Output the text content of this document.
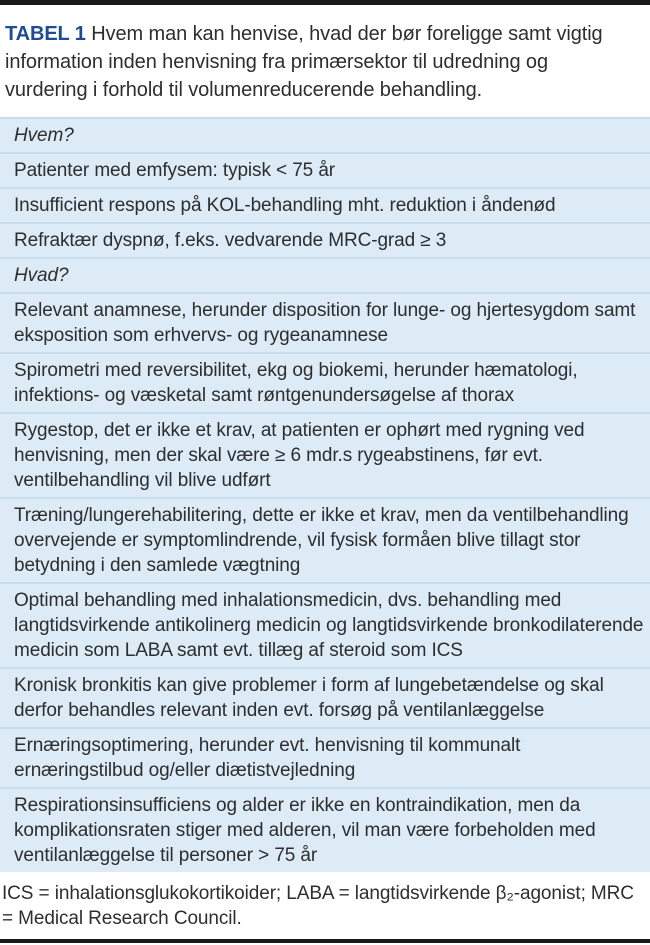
TABEL 1 Hvem man kan henvise, hvad der bør foreligge samt vigtig information inden henvisning fra primærsektor til udredning og vurdering i forhold til volumenreducerende behandling.

Hvem?
Patienter med emfysem: typisk < 75 år
Insufficient respons på KOL-behandling mht. reduktion i åndenød
Refraktær dyspnø, f.eks. vedvarende MRC-grad ≥ 3
Hvad?
Relevant anamnese, herunder disposition for lunge- og hjertesygdom samt eksposition som erhvervs- og rygeanamnese
Spirometri med reversibilitet, ekg og biokemi, herunder hæmatologi, infektions- og væsketal samt røntgenundersøgelse af thorax
Rygestop, det er ikke et krav, at patienten er ophørt med rygning ved henvisning, men der skal være ≥ 6 mdr.s rygeabstinens, før evt. ventilbehandling vil blive udført
Træning/lungerehabilitering, dette er ikke et krav, men da ventilbehandling overvejende er symptomlindrende, vil fysisk formåen blive tillagt stor betydning i den samlede vægtning
Optimal behandling med inhalationsmedicin, dvs. behandling med langtidsvirkende antikolinerg medicin og langtidsvirkende bronkodilaterende medicin som LABA samt evt. tillæg af steroid som ICS
Kronisk bronkitis kan give problemer i form af lungebetændelse og skal derfor behandles relevant inden evt. forsøg på ventilanlæggelse
Ernæringsoptimering, herunder evt. henvisning til kommunalt ernæringstilbud og/eller diætistvejledning
Respirationsinsufficiens og alder er ikke en kontraindikation, men da komplikationsraten stiger med alderen, vil man være forbeholden med ventilanlæggelse til personer > 75 år

ICS = inhalationsglukokortikoider; LABA = langtidsvirkende β₂-agonist; MRC = Medical Research Council.
